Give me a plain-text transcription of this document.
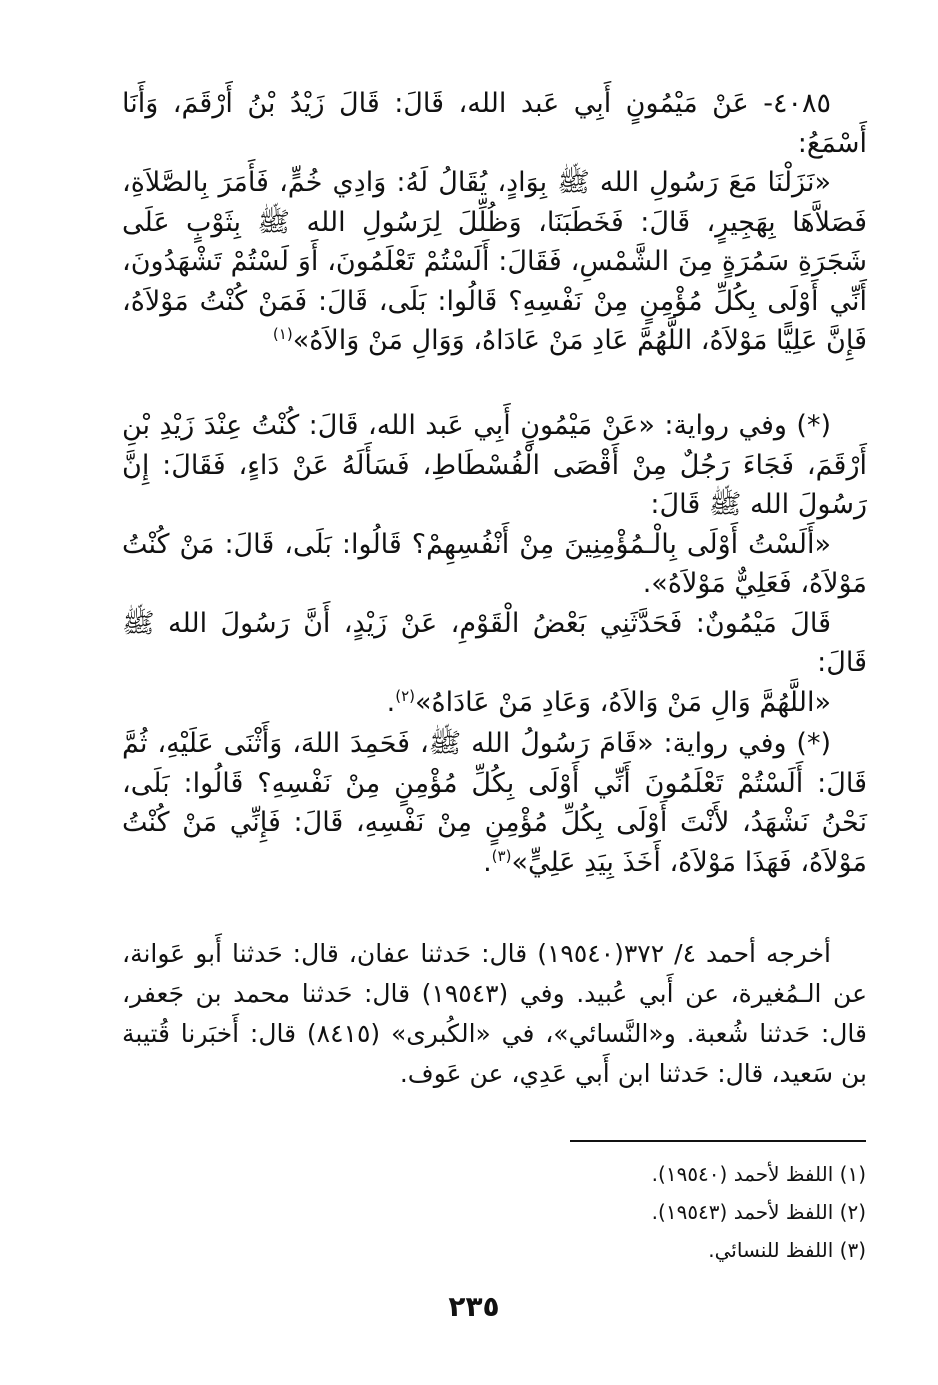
٤٠٨٥- عَنْ مَيْمُونٍ أَبِي عَبد الله، قَالَ: قَالَ زَيْدُ بْنُ أَرْقَمَ، وَأَنَا أَسْمَعُ:

«نَزَلْنَا مَعَ رَسُولِ الله ﷺ بِوَادٍ، يُقَالُ لَهُ: وَادِي خُمٍّ، فَأَمَرَ بِالصَّلاَةِ، فَصَلاَّهَا بِهَجِيرٍ، قَالَ: فَخَطَبَنَا، وَظُلِّلَ لِرَسُولِ الله ﷺ بِثَوْبٍ عَلَى شَجَرَةِ سَمُرَةٍ مِنَ الشَّمْسِ، فَقَالَ: أَلَسْتُمْ تَعْلَمُونَ، أَوَ لَسْتُمْ تَشْهَدُونَ، أَنِّي أَوْلَى بِكُلِّ مُؤْمِنٍ مِنْ نَفْسِهِ؟ قَالُوا: بَلَى، قَالَ: فَمَنْ كُنْتُ مَوْلاَهُ، فَإِنَّ عَلِيًّا مَوْلاَهُ، اللَّهُمَّ عَادِ مَنْ عَادَاهُ، وَوَالِ مَنْ وَالاَهُ»$^{(١)}$

(*) وفي رواية: «عَنْ مَيْمُونٍ أَبِي عَبد الله، قَالَ: كُنْتُ عِنْدَ زَيْدِ بْنِ أَرْقَمَ، فَجَاءَ رَجُلٌ مِنْ أَقْصَى الْفُسْطَاطِ، فَسَأَلَهُ عَنْ دَاءٍ، فَقَالَ: إِنَّ رَسُولَ الله ﷺ قَالَ:

«أَلَسْتُ أَوْلَى بِالْـمُؤْمِنِينَ مِنْ أَنْفُسِهِمْ؟ قَالُوا: بَلَى، قَالَ: مَنْ كُنْتُ مَوْلاَهُ، فَعَلِيٌّ مَوْلاَهُ».

قَالَ مَيْمُونٌ: فَحَدَّثَنِي بَعْضُ الْقَوْمِ، عَنْ زَيْدٍ، أَنَّ رَسُولَ الله ﷺ قَالَ:

«اللَّهُمَّ وَالِ مَنْ وَالاَهُ، وَعَادِ مَنْ عَادَاهُ»$^{(٢)}$.

(*) وفي رواية: «قَامَ رَسُولُ الله ﷺ، فَحَمِدَ اللهَ، وَأَثْنَى عَلَيْهِ، ثُمَّ قَالَ: أَلَسْتُمْ تَعْلَمُونَ أَنِّي أَوْلَى بِكُلِّ مُؤْمِنٍ مِنْ نَفْسِهِ؟ قَالُوا: بَلَى، نَحْنُ نَشْهَدُ، لأَنْتَ أَوْلَى بِكُلِّ مُؤْمِنٍ مِنْ نَفْسِهِ، قَالَ: فَإِنِّي مَنْ كُنْتُ مَوْلاَهُ، فَهَذَا مَوْلاَهُ، أَخَذَ بِيَدِ عَلِيٍّ»$^{(٣)}$.

أخرجه أحمد ٤/ ٣٧٢(١٩٥٤٠) قال: حَدثنا عفان، قال: حَدثنا أَبو عَوانة، عن الـمُغيرة، عن أَبي عُبيد. وفي (١٩٥٤٣) قال: حَدثنا محمد بن جَعفر، قال: حَدثنا شُعبة. و«النَّسائي»، في «الكُبرى» (٨٤١٥) قال: أَخبَرنا قُتيبة بن سَعيد، قال: حَدثنا ابن أَبي عَدِي، عن عَوف.

(١) اللفظ لأحمد (١٩٥٤٠).
(٢) اللفظ لأحمد (١٩٥٤٣).
(٣) اللفظ للنسائي.
٢٣٥
